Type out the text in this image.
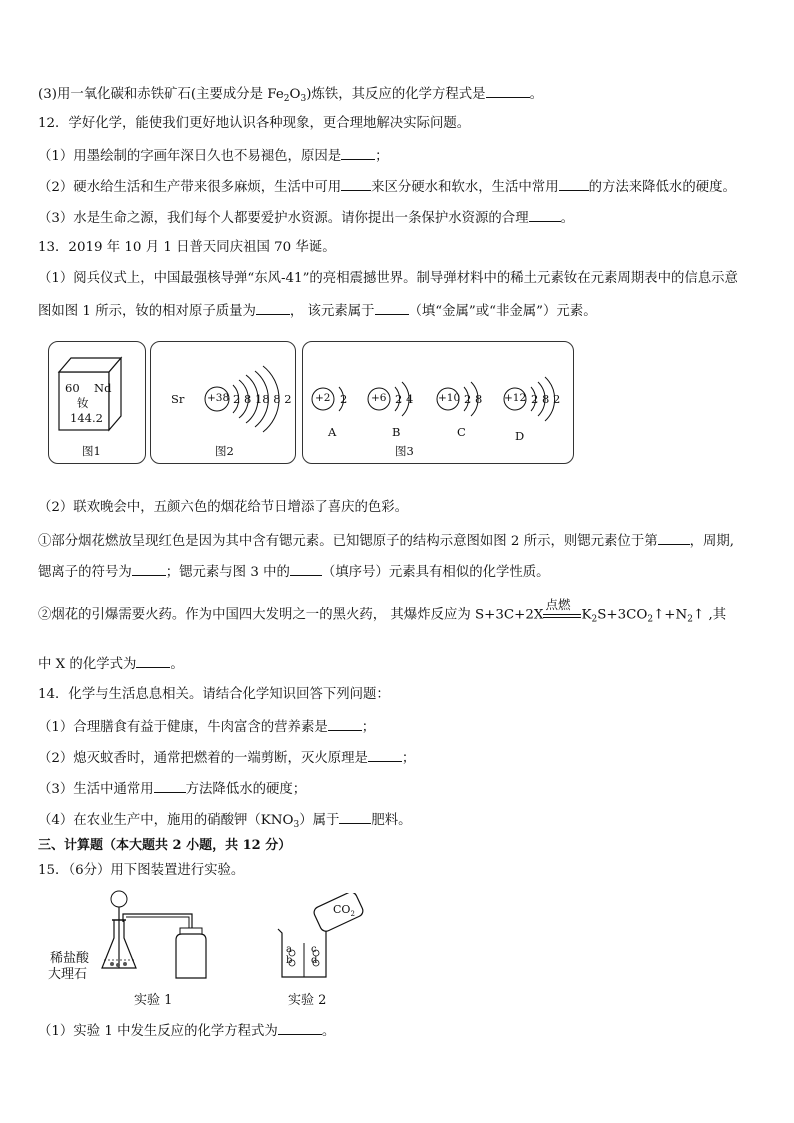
(3)用一氧化碳和赤铁矿石(主要成分是 $Fe_2O_3$)炼铁，其反应的化学方程式是	。
12．学好化学，能使我们更好地认识各种现象，更合理地解决实际问题。
（1）用墨绘制的字画年深日久也不易褪色，原因是	；
（2）硬水给生活和生产带来很多麻烦，生活中可用 来区分硬水和软水，生活中常用 的方法来降低水的硬度。
（3）水是生命之源，我们每个人都要爱护水资源。请你提出一条保护水资源的合理 。
13．2019 年 10 月 1 日普天同庆祖国 70 华诞。
（1）阅兵仪式上，中国最强核导弹“东风-41”的亮相震撼世界。制导弹材料中的稀土元素钕在元素周期表中的信息示意
图如图 1 所示，钕的相对原子质量为	， 该元素属于	（填“金属”或“非金属”）元素。
60 Nd
钕
144.2
图1
Sr +38 2 8 18 8 2
图2
+2 2
A
+6 2 4
B
+10 2 8
C
+12 2 8 2
D
图3
（2）联欢晚会中，五颜六色的烟花给节日增添了喜庆的色彩。
①部分烟花燃放呈现红色是因为其中含有锶元素。已知锶原子的结构示意图如图 2 所示，则锶元素位于第 ，周期,
锶离子的符号为	；锶元素与图 3 中的 （填序号）元素具有相似的化学性质。
②烟花的引爆需要火药。作为中国四大发明之一的黑火药， 其爆炸反应为 S+3C+2X
点燃
$K_2S+3CO_2↑+N_2↑$ ,其
中 X 的化学式为	。
14．化学与生活息息相关。请结合化学知识回答下列问题：
（1）合理膳食有益于健康，牛肉富含的营养素是	；
（2）熄灭蚊香时，通常把燃着的一端剪断，灭火原理是	；
（3）生活中通常用 方法降低水的硬度；
（4）在农业生产中，施用的硝酸钾$(KNO_3)$属于 肥料。
三、计算题（本大题共 2 小题，共 12 分）
15．（6分）用下图装置进行实验。
稀盐酸
大理石
实验 1
$CO_2$
a
b
c
d
实验 2
（1）实验 1 中发生反应的化学方程式为	。
